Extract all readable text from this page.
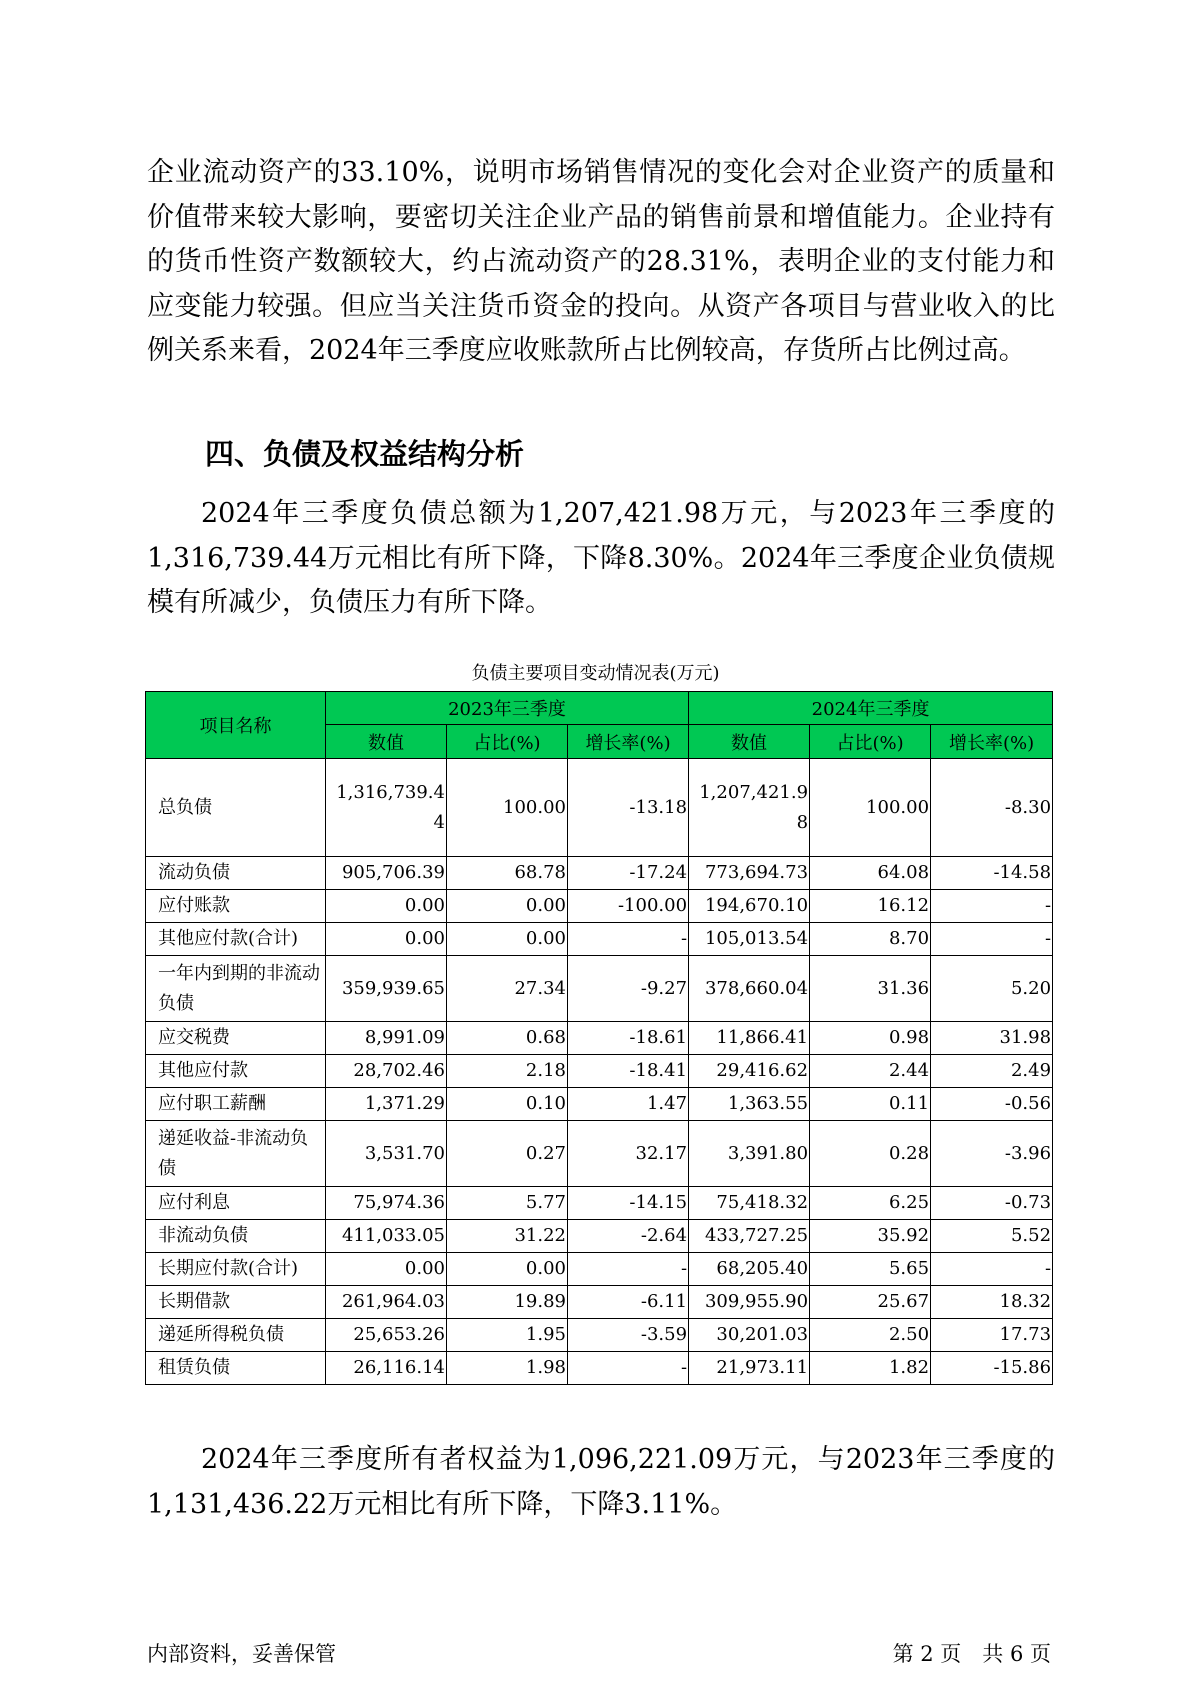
企业流动资产的33.10%，说明市场销售情况的变化会对企业资产的质量和价值带来较大影响，要密切关注企业产品的销售前景和增值能力。企业持有的货币性资产数额较大，约占流动资产的28.31%，表明企业的支付能力和应变能力较强。但应当关注货币资金的投向。从资产各项目与营业收入的比例关系来看，2024年三季度应收账款所占比例较高，存货所占比例过高。

四、负债及权益结构分析

2024年三季度负债总额为1,207,421.98万元，与2023年三季度的1,316,739.44万元相比有所下降，下降8.30%。2024年三季度企业负债规模有所减少，负债压力有所下降。

负债主要项目变动情况表(万元)
项目名称	2023年三季度			2024年三季度		
	数值	占比(%)	增长率(%)	数值	占比(%)	增长率(%)
总负债	1,316,739.44	100.00	-13.18	1,207,421.98	100.00	-8.30
流动负债	905,706.39	68.78	-17.24	773,694.73	64.08	-14.58
应付账款	0.00	0.00	-100.00	194,670.10	16.12	-
其他应付款(合计)	0.00	0.00	-	105,013.54	8.70	-
一年内到期的非流动负债	359,939.65	27.34	-9.27	378,660.04	31.36	5.20
应交税费	8,991.09	0.68	-18.61	11,866.41	0.98	31.98
其他应付款	28,702.46	2.18	-18.41	29,416.62	2.44	2.49
应付职工薪酬	1,371.29	0.10	1.47	1,363.55	0.11	-0.56
递延收益-非流动负债	3,531.70	0.27	32.17	3,391.80	0.28	-3.96
应付利息	75,974.36	5.77	-14.15	75,418.32	6.25	-0.73
非流动负债	411,033.05	31.22	-2.64	433,727.25	35.92	5.52
长期应付款(合计)	0.00	0.00	-	68,205.40	5.65	-
长期借款	261,964.03	19.89	-6.11	309,955.90	25.67	18.32
递延所得税负债	25,653.26	1.95	-3.59	30,201.03	2.50	17.73
租赁负债	26,116.14	1.98	-	21,973.11	1.82	-15.86

2024年三季度所有者权益为1,096,221.09万元，与2023年三季度的1,131,436.22万元相比有所下降，下降3.11%。

内部资料，妥善保管	第 2 页　共 6 页
